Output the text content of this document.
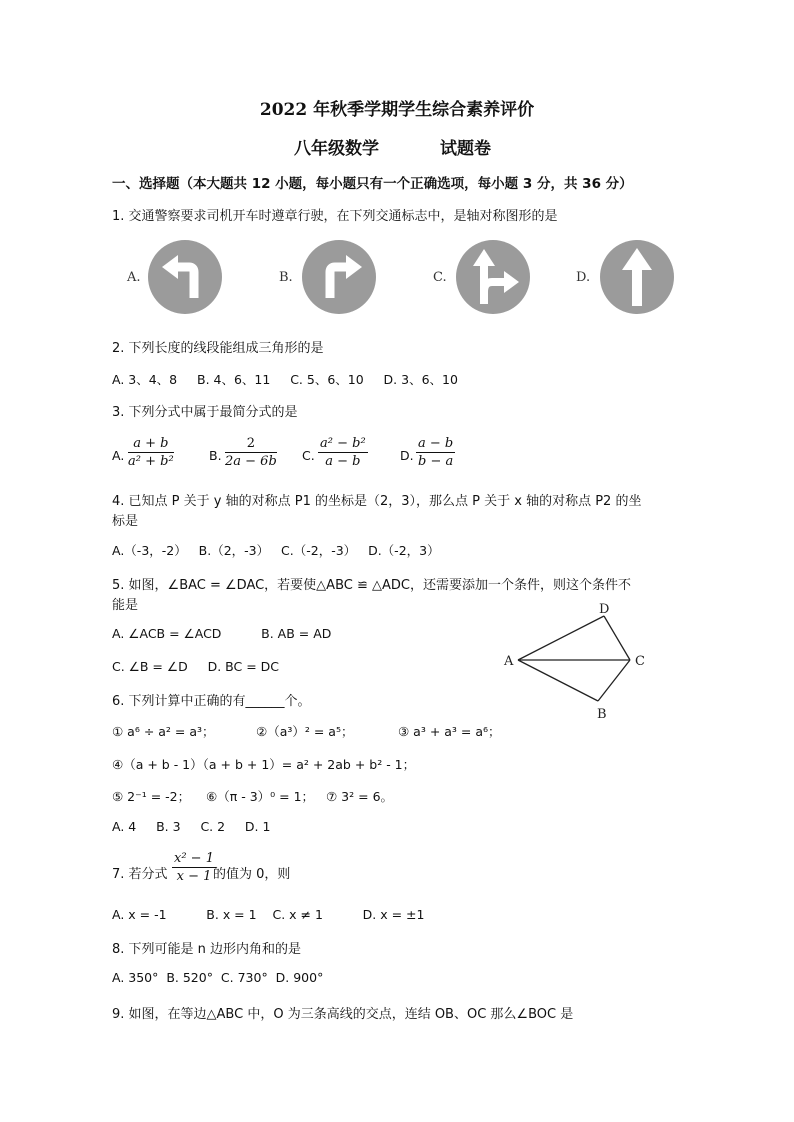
2022 年秋季学期学生综合素养评价
八年级数学	试题卷
一、选择题（本大题共 12 小题，每小题只有一个正确选项，每小题 3 分，共 36 分）
1. 交通警察要求司机开车时遵章行驶，在下列交通标志中，是轴对称图形的是
A.	B.	C.	D.
2. 下列长度的线段能组成三角形的是
A. 3、4、8     B. 4、6、11     C. 5、6、10     D. 3、6、10
3. 下列分式中属于最简分式的是
A. $\frac{a + b}{\text{a² + b²}}$	B. $\frac{2}{2a - 6b} C$. $\frac{\text{a² − b²}}{a - b}$	D. $\frac{a - b}{b - a}$
4. 已知点 P 关于 y 轴的对称点 P1 的坐标是（2，3），那么点 P 关于 x 轴的对称点 P2 的坐
标是
A.（-3，-2）   B.（2，-3）   C.（-2，-3）   D.（-2，3）
5. 如图，∠BAC = ∠DAC，若要使△ABC ≌ △ADC，还需要添加一个条件，则这个条件不
能是
A. ∠ACB = ∠ACD          B. AB = AD
C. ∠B = ∠D     D. BC = DC
D
A	C
B
6. 下列计算中正确的有______个。
① a⁶ ÷ a² = a³；	②（a³）² = a⁵；	③ a³ + a³ = a⁶；
④（a + b - 1）（a + b + 1）= a² + 2ab + b² - 1；
⑤ 2⁻¹ = -2； ⑥（π - 3）⁰ = 1； ⑦ 3² = 6。
A. 4     B. 3     C. 2     D. 1
7. 若分式 $\frac{\text{x² − 1}}{x - 1}$
的值为 0，则
A. x = -1          B. x = 1    C. x ≠ 1          D. x = ±1
8. 下列可能是 n 边形内角和的是
A. 350°  B. 520°  C. 730°  D. 900°
9. 如图，在等边△ABC 中，O 为三条高线的交点，连结 OB、OC 那么∠BOC 是
